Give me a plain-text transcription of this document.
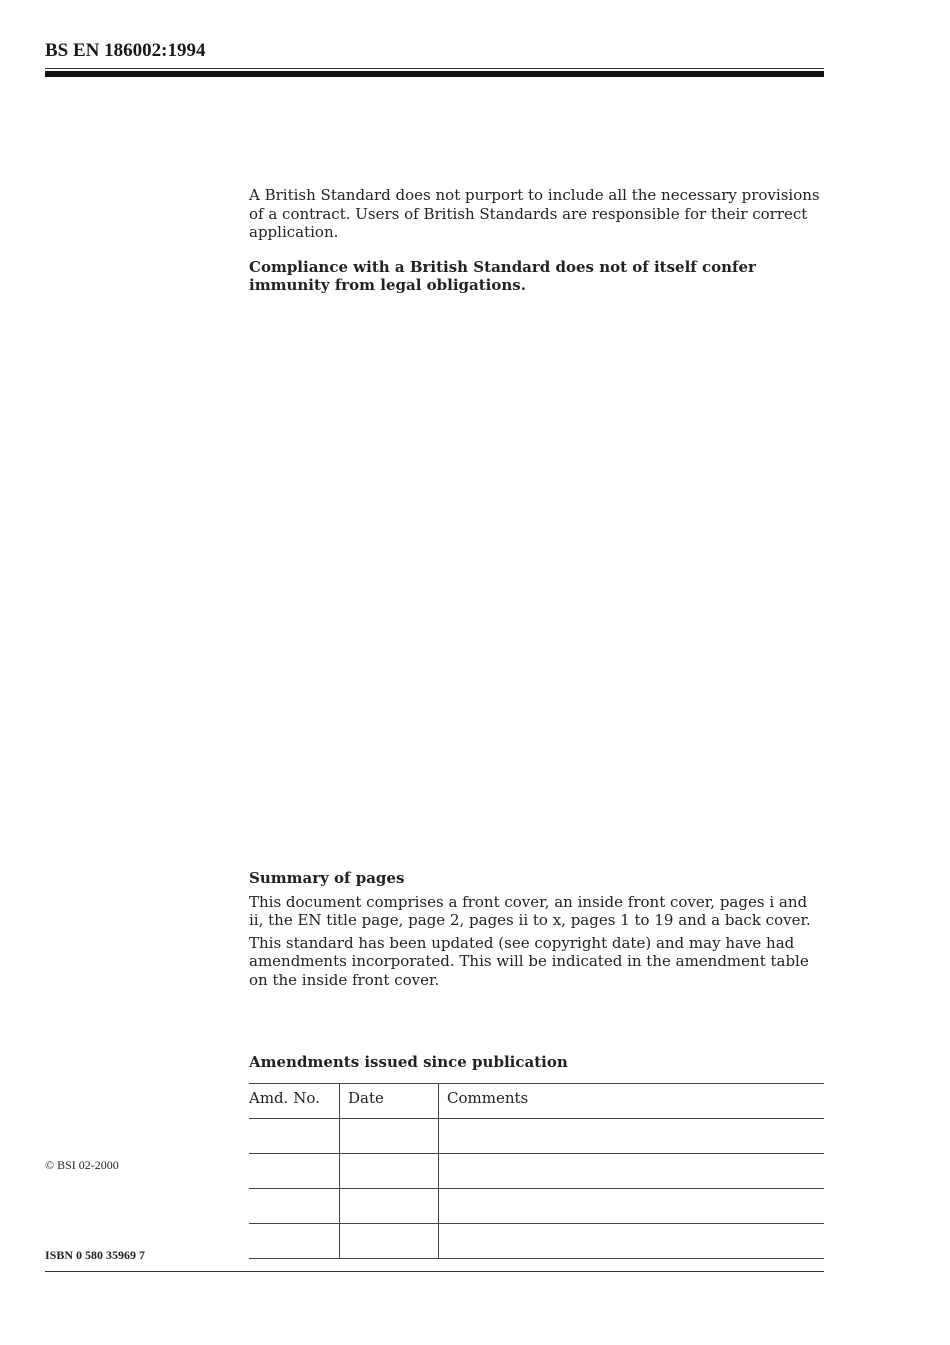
BS EN 186002:1994

A British Standard does not purport to include all the necessary provisions of a contract. Users of British Standards are responsible for their correct application.

Compliance with a British Standard does not of itself confer immunity from legal obligations.

Summary of pages

This document comprises a front cover, an inside front cover, pages i and ii, the EN title page, page 2, pages ii to x, pages 1 to 19 and a back cover.

This standard has been updated (see copyright date) and may have had amendments incorporated. This will be indicated in the amendment table on the inside front cover.

Amendments issued since publication
Amd. No.	Date	Comments

© BSI 02-2000
ISBN 0 580 35969 7
